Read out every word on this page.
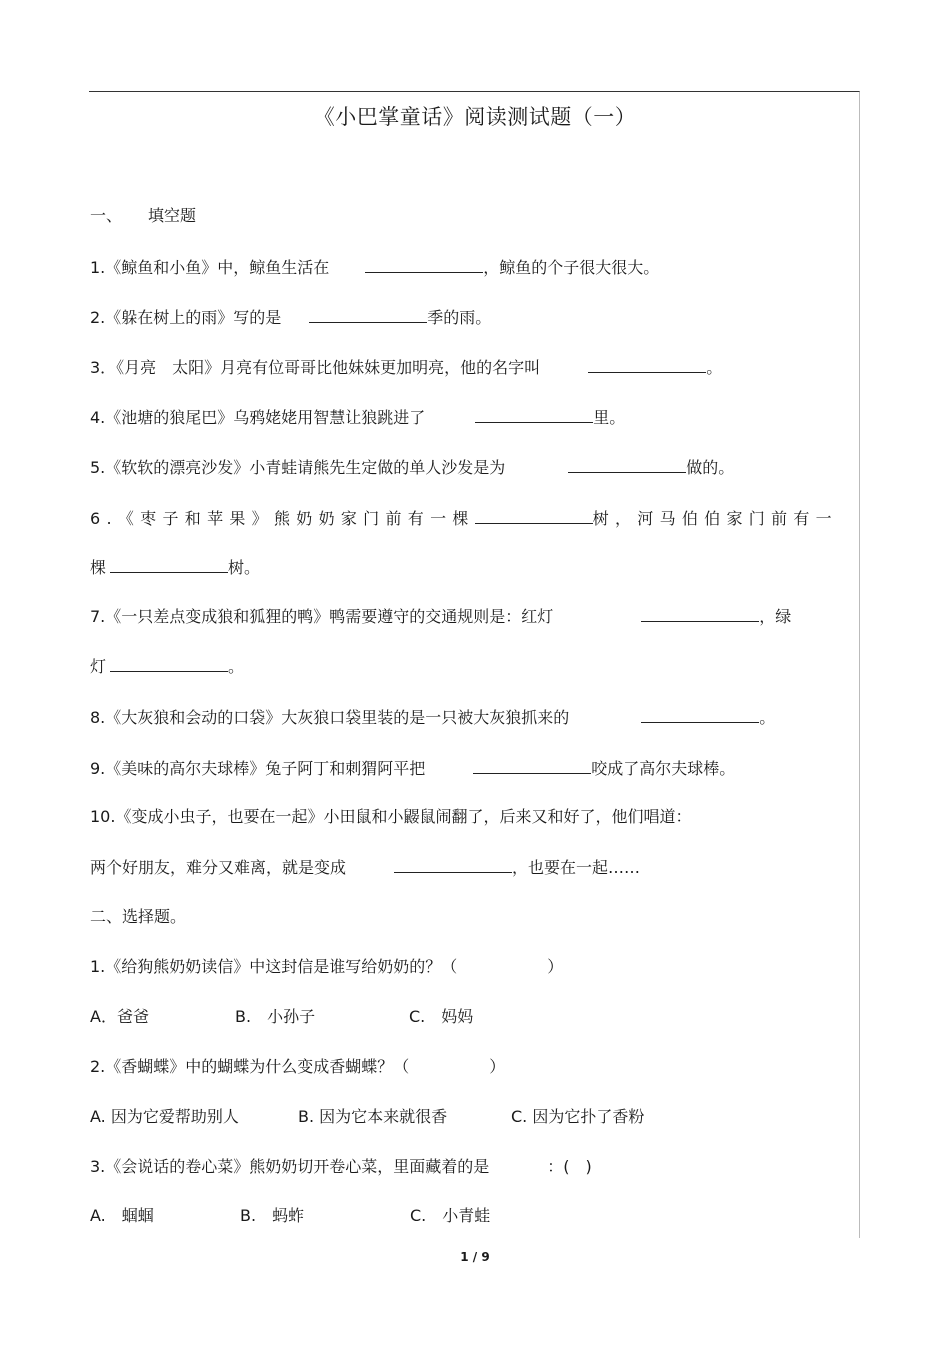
《小巴掌童话》阅读测试题（一）
一、 填空题
1.《鲸鱼和小鱼》中，鲸鱼生活在	，鲸鱼的个子很大很大。
2.《躲在树上的雨》写的是	季的雨。
3．《月亮　太阳》月亮有位哥哥比他妹妹更加明亮，他的名字叫	。
4.《池塘的狼尾巴》乌鸦姥姥用智慧让狼跳进了	里。
5.《软软的漂亮沙发》小青蛙请熊先生定做的单人沙发是为	做的。
6.《枣子和苹果》熊奶奶家门前有一棵	树，河马伯伯家门前有一
棵	树。
7.《一只差点变成狼和狐狸的鸭》鸭需要遵守的交通规则是：红灯	，绿
灯	。
8.《大灰狼和会动的口袋》大灰狼口袋里装的是一只被大灰狼抓来的	。
9.《美味的高尔夫球棒》兔子阿丁和刺猬阿平把	咬成了高尔夫球棒。
10.《变成小虫子，也要在一起》小田鼠和小鼹鼠闹翻了，后来又和好了，他们唱道：
两个好朋友，难分又难离，就是变成	，也要在一起……
二、选择题。
1.《给狗熊奶奶读信》中这封信是谁写给奶奶的？（	）
A．爸爸	B.　小孙子	C.　妈妈
2.《香蝴蝶》中的蝴蝶为什么变成香蝴蝶？（	）
A. 因为它爱帮助别人	B. 因为它本来就很香	C. 因为它扑了香粉
3.《会说话的卷心菜》熊奶奶切开卷心菜，里面藏着的是	：(　)
A.　蝈蝈	B.　蚂蚱	C.　小青蛙
1 / 9
